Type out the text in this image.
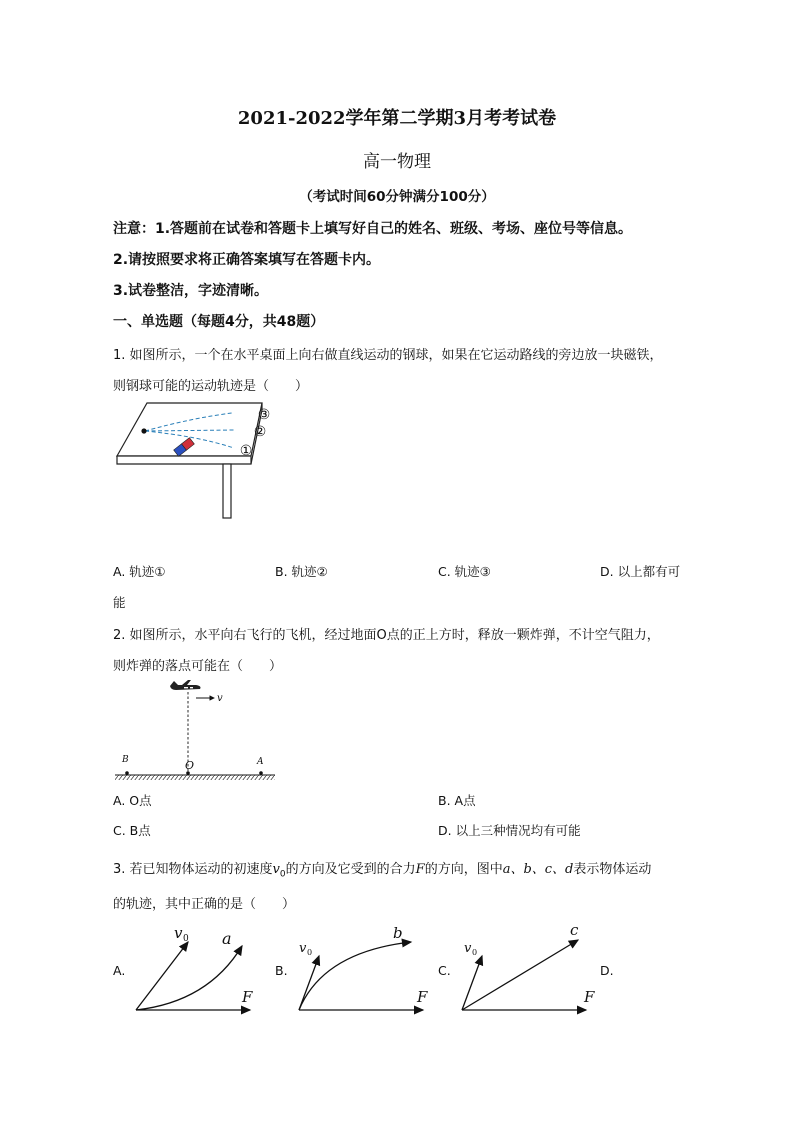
2021-2022学年第二学期3月考考试卷
高一物理
（考试时间60分钟满分100分）
注意：1.答题前在试卷和答题卡上填写好自己的姓名、班级、考场、座位号等信息。
2.请按照要求将正确答案填写在答题卡内。
3.试卷整洁，字迹清晰。
一、单选题（每题4分，共48题）
1. 如图所示，一个在水平桌面上向右做直线运动的钢球，如果在它运动路线的旁边放一块磁铁，
则钢球可能的运动轨迹是（　　）
③
②
①
A. 轨迹①	B. 轨迹②	C. 轨迹③	D. 以上都有可
能
2. 如图所示，水平向右飞行的飞机，经过地面O点的正上方时，释放一颗炸弹，不计空气阻力，
则炸弹的落点可能在（　　）
v
B	O	A
A. O点	B. A点
C. B点	D. 以上三种情况均有可能
3. 若已知物体运动的初速度$v_0$的方向及它受到的合力F的方向，图中a、b、c、d表示物体运动
的轨迹，其中正确的是（　　）
A.	B.	C.	D.
v 0 a
F
v 0
b
F
v 0
c
F
